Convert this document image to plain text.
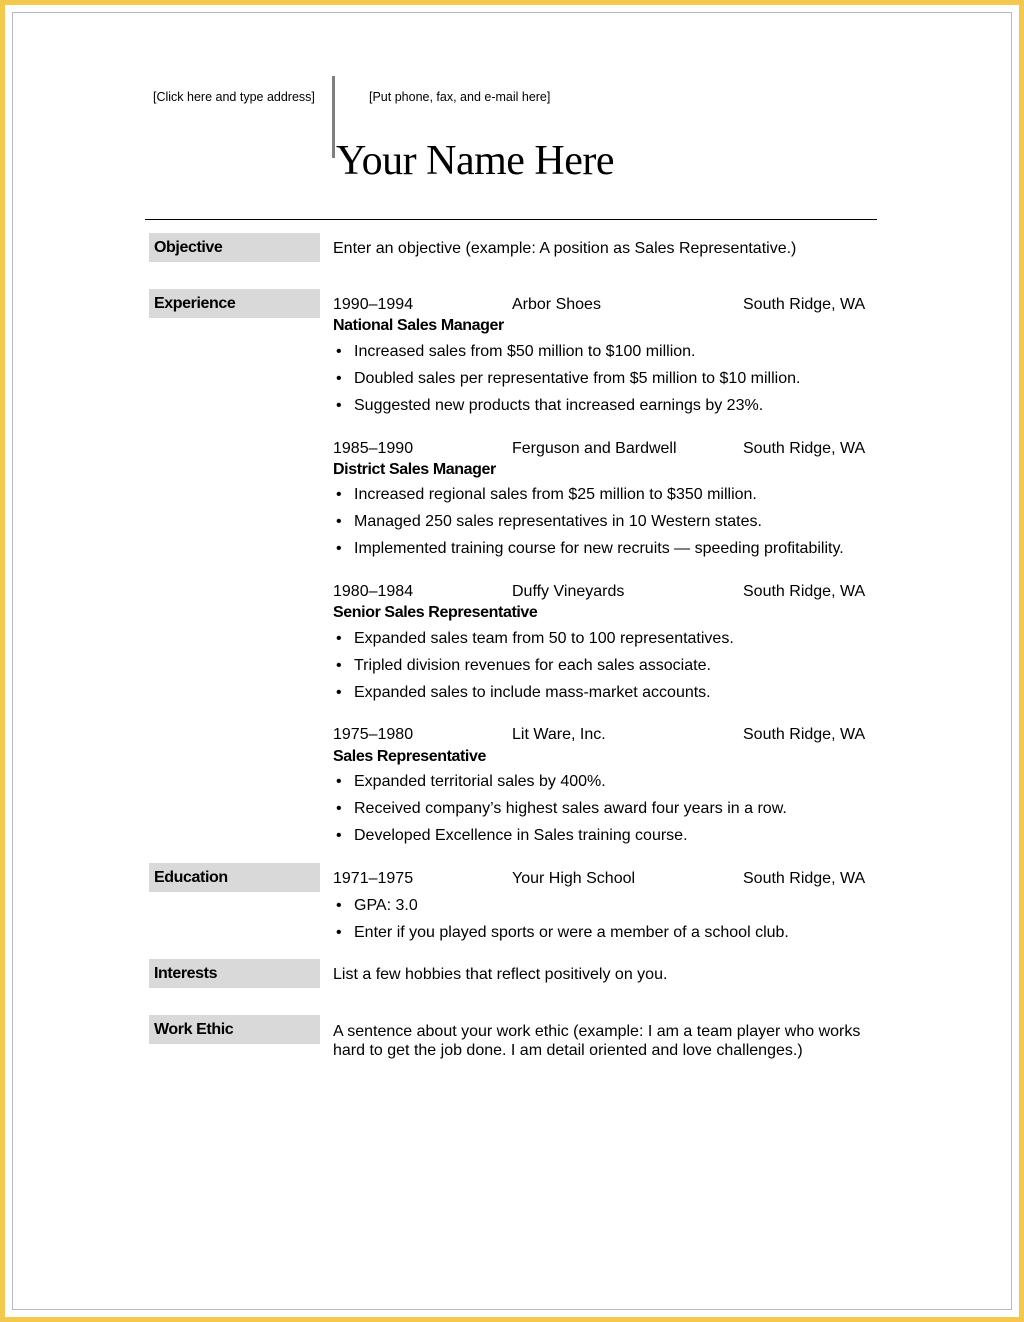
[Click here and type address]	[Put phone, fax, and e-mail here]
Your Name Here
Objective	Enter an objective (example: A position as Sales Representative.)
Experience	1990–1994	Arbor Shoes	South Ridge, WA
National Sales Manager
• Increased sales from $50 million to $100 million.
• Doubled sales per representative from $5 million to $10 million.
• Suggested new products that increased earnings by 23%.
1985–1990	Ferguson and Bardwell	South Ridge, WA
District Sales Manager
• Increased regional sales from $25 million to $350 million.
• Managed 250 sales representatives in 10 Western states.
• Implemented training course for new recruits — speeding profitability.
1980–1984	Duffy Vineyards	South Ridge, WA
Senior Sales Representative
• Expanded sales team from 50 to 100 representatives.
• Tripled division revenues for each sales associate.
• Expanded sales to include mass-market accounts.
1975–1980	Lit Ware, Inc.	South Ridge, WA
Sales Representative
• Expanded territorial sales by 400%.
• Received company’s highest sales award four years in a row.
• Developed Excellence in Sales training course.
Education	1971–1975	Your High School	South Ridge, WA
• GPA: 3.0
• Enter if you played sports or were a member of a school club.
Interests	List a few hobbies that reflect positively on you.
Work Ethic	A sentence about your work ethic (example: I am a team player who works hard to get the job done. I am detail oriented and love challenges.)
